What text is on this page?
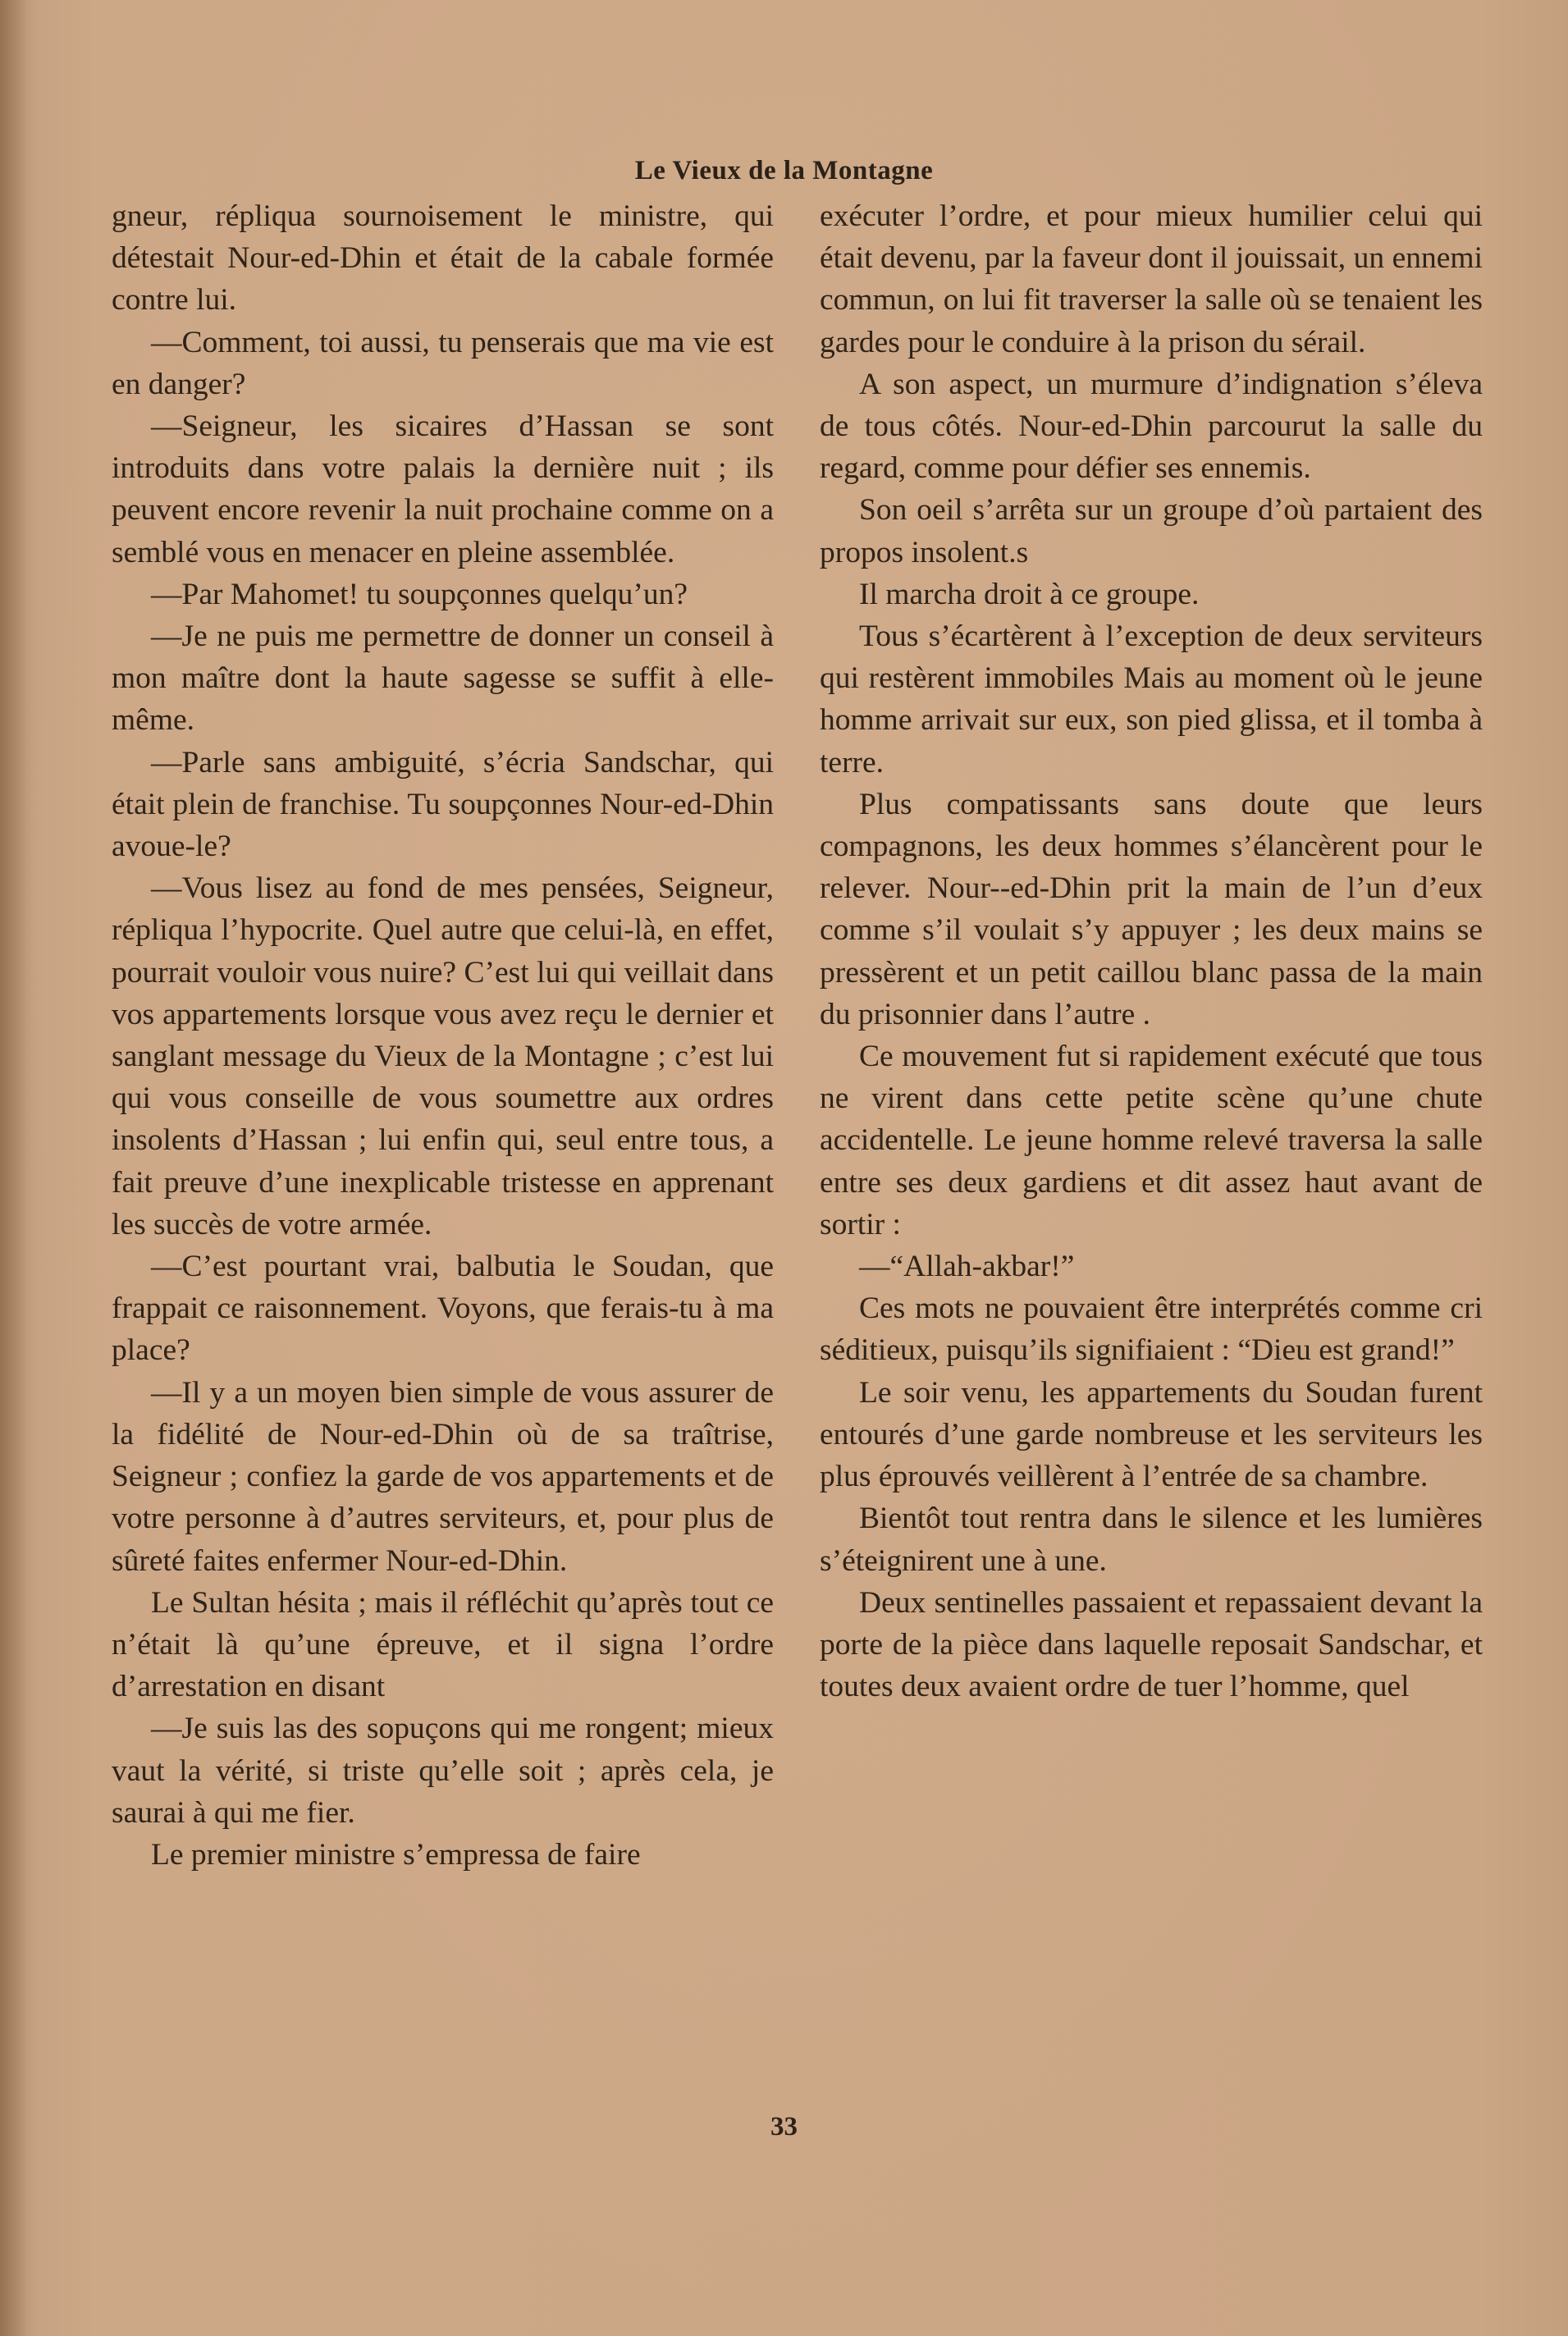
Le Vieux de la Montagne

gneur, répliqua sournoisement le ministre, qui détestait Nour-ed-Dhin et était de la cabale formée contre lui.

—Comment, toi aussi, tu penserais que ma vie est en danger?

—Seigneur, les sicaires d’Hassan se sont introduits dans votre palais la dernière nuit ; ils peuvent encore revenir la nuit prochaine comme on a semblé vous en menacer en pleine assemblée.

—Par Mahomet! tu soupçonnes quelqu’un?

—Je ne puis me permettre de donner un conseil à mon maître dont la haute sagesse se suffit à elle-même.

—Parle sans ambiguité, s’écria Sandschar, qui était plein de franchise. Tu soupçonnes Nour-ed-Dhin avoue-le?

—Vous lisez au fond de mes pensées, Seigneur, répliqua l’hypocrite. Quel autre que celui-là, en effet, pourrait vouloir vous nuire? C’est lui qui veillait dans vos appartements lorsque vous avez reçu le dernier et sanglant message du Vieux de la Montagne ; c’est lui qui vous conseille de vous soumettre aux ordres insolents d’Hassan ; lui enfin qui, seul entre tous, a fait preuve d’une inexplicable tristesse en apprenant les succès de votre armée.

—C’est pourtant vrai, balbutia le Soudan, que frappait ce raisonnement. Voyons, que ferais-tu à ma place?

—Il y a un moyen bien simple de vous assurer de la fidélité de Nour-ed-Dhin où de sa traîtrise, Seigneur ; confiez la garde de vos appartements et de votre personne à d’autres serviteurs, et, pour plus de sûreté faites enfermer Nour-ed-Dhin.

Le Sultan hésita ; mais il réfléchit qu’après tout ce n’était là qu’une épreuve, et il signa l’ordre d’arrestation en disant

—Je suis las des sopuçons qui me rongent; mieux vaut la vérité, si triste qu’elle soit ; après cela, je saurai à qui me fier.

Le premier ministre s’empressa de faire

exécuter l’ordre, et pour mieux humilier celui qui était devenu, par la faveur dont il jouissait, un ennemi commun, on lui fit traverser la salle où se tenaient les gardes pour le conduire à la prison du sérail.

A son aspect, un murmure d’indignation s’éleva de tous côtés. Nour-ed-Dhin parcourut la salle du regard, comme pour défier ses ennemis.

Son oeil s’arrêta sur un groupe d’où partaient des propos insolent.s

Il marcha droit à ce groupe.

Tous s’écartèrent à l’exception de deux serviteurs qui restèrent immobiles Mais au moment où le jeune homme arrivait sur eux, son pied glissa, et il tomba à terre.

Plus compatissants sans doute que leurs compagnons, les deux hommes s’élancèrent pour le relever. Nour--ed-Dhin prit la main de l’un d’eux comme s’il voulait s’y appuyer ; les deux mains se pressèrent et un petit caillou blanc passa de la main du prisonnier dans l’autre .

Ce mouvement fut si rapidement exécuté que tous ne virent dans cette petite scène qu’une chute accidentelle. Le jeune homme relevé traversa la salle entre ses deux gardiens et dit assez haut avant de sortir :

—“Allah-akbar!”

Ces mots ne pouvaient être interprétés comme cri séditieux, puisqu’ils signifiaient : “Dieu est grand!”

Le soir venu, les appartements du Soudan furent entourés d’une garde nombreuse et les serviteurs les plus éprouvés veillèrent à l’entrée de sa chambre.

Bientôt tout rentra dans le silence et les lumières s’éteignirent une à une.

Deux sentinelles passaient et repassaient devant la porte de la pièce dans laquelle reposait Sandschar, et toutes deux avaient ordre de tuer l’homme, quel

33
